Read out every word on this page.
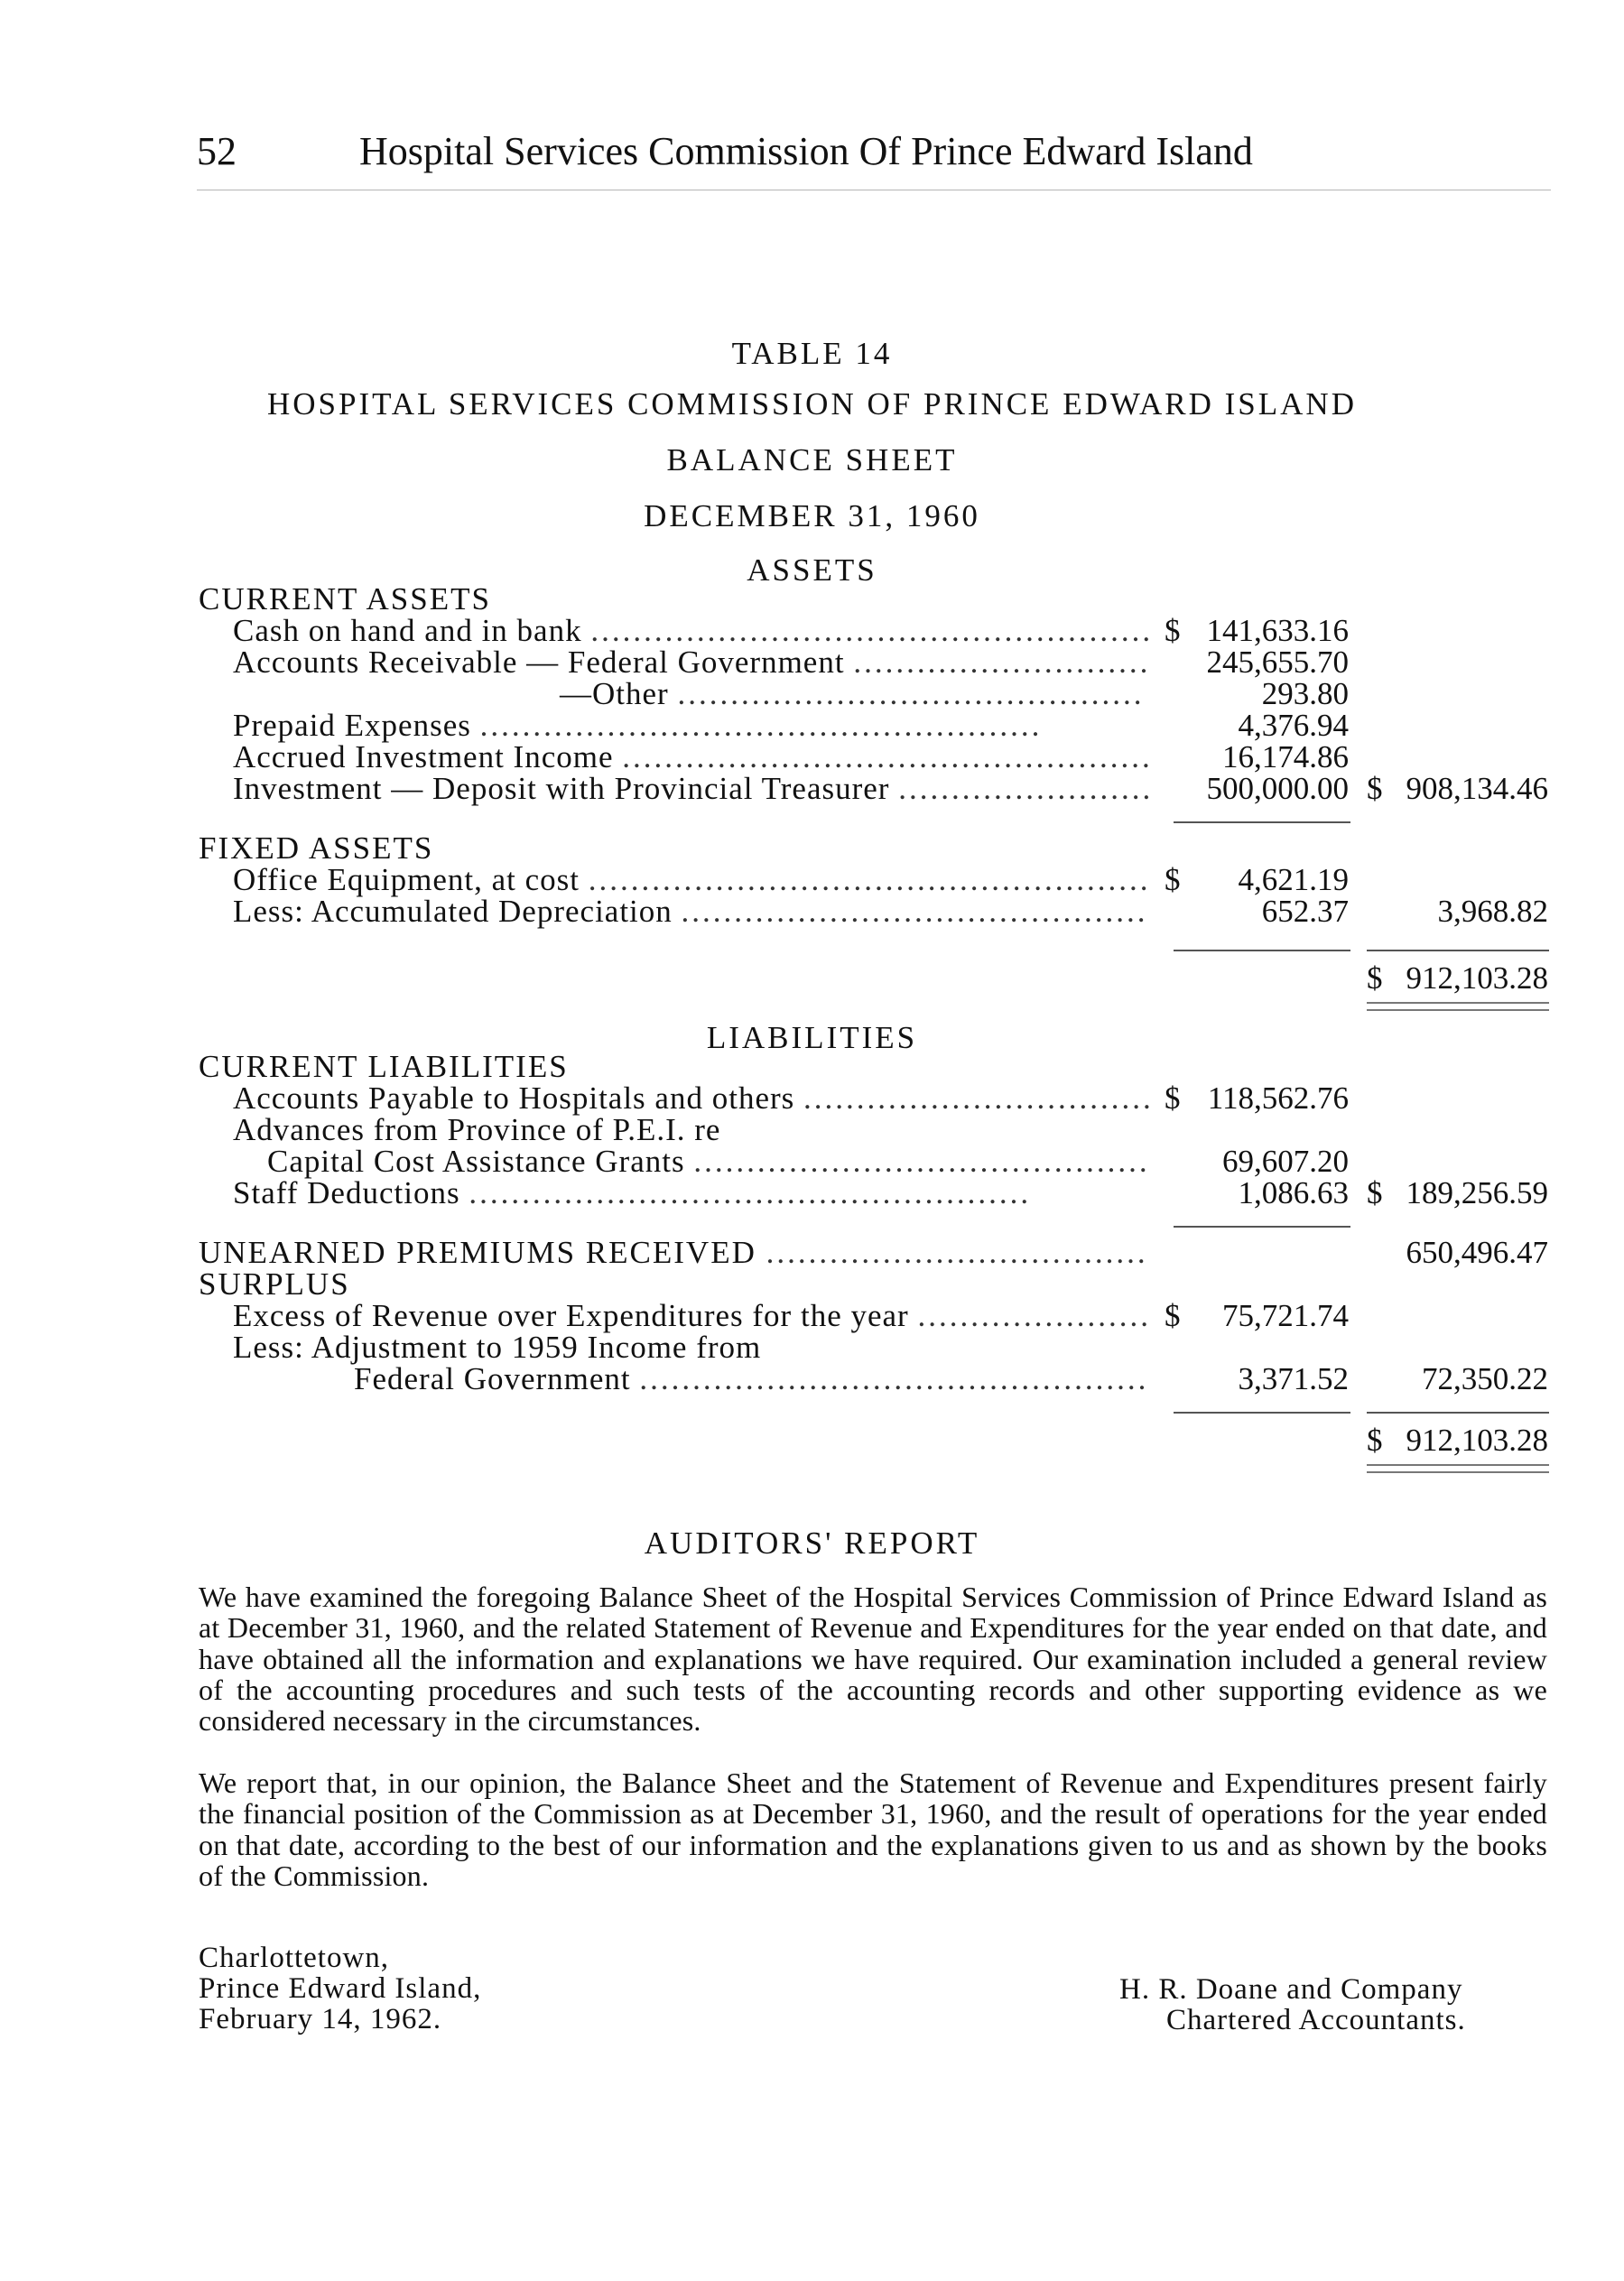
52	Hospital Services Commission Of Prince Edward Island
TABLE 14
HOSPITAL SERVICES COMMISSION OF PRINCE EDWARD ISLAND
BALANCE SHEET
DECEMBER 31, 1960
ASSETS
CURRENT ASSETS
Cash on hand and in bank ..................................................... $ 141,633.16
Accounts Receivable — Federal Government ............................ 245,655.70
—Other ............................................	293.80
Prepaid Expenses .....................................................	4,376.94
Accrued Investment Income .................................................. 16,174.86
Investment — Deposit with Provincial Treasurer ........................ 500,000.00 $ 908,134.46
FIXED ASSETS
Office Equipment, at cost ..................................................... $	4,621.19
Less: Accumulated Depreciation ............................................	652.37	3,968.82
$ 912,103.28
LIABILITIES
CURRENT LIABILITIES
Accounts Payable to Hospitals and others ................................. $ 118,562.76
Advances from Province of P.E.I. re
Capital Cost Assistance Grants ........................................... 69,607.20
Staff Deductions .....................................................	1,086.63 $ 189,256.59
UNEARNED PREMIUMS RECEIVED ....................................	650,496.47
SURPLUS
Excess of Revenue over Expenditures for the year ...................... $	75,721.74
Less: Adjustment to 1959 Income from
Federal Government ................................................	3,371.52 72,350.22
$ 912,103.28
AUDITORS' REPORT
We have examined the foregoing Balance Sheet of the Hospital Services Commission of Prince Edward Island as at December 31, 1960, and the related Statement of Revenue and Expenditures for the year ended on that date, and have obtained all the information and explanations we have required. Our examination included a general review of the accounting procedures and such tests of the accounting records and other supporting evidence as we considered necessary in the circumstances.
We report that, in our opinion, the Balance Sheet and the Statement of Revenue and Expenditures present fairly the financial position of the Commission as at December 31, 1960, and the result of operations for the year ended on that date, according to the best of our information and the explanations given to us and as shown by the books of the Commission.
Charlottetown,
Prince Edward Island,
February 14, 1962.
H. R. Doane and Company
Chartered Accountants.
